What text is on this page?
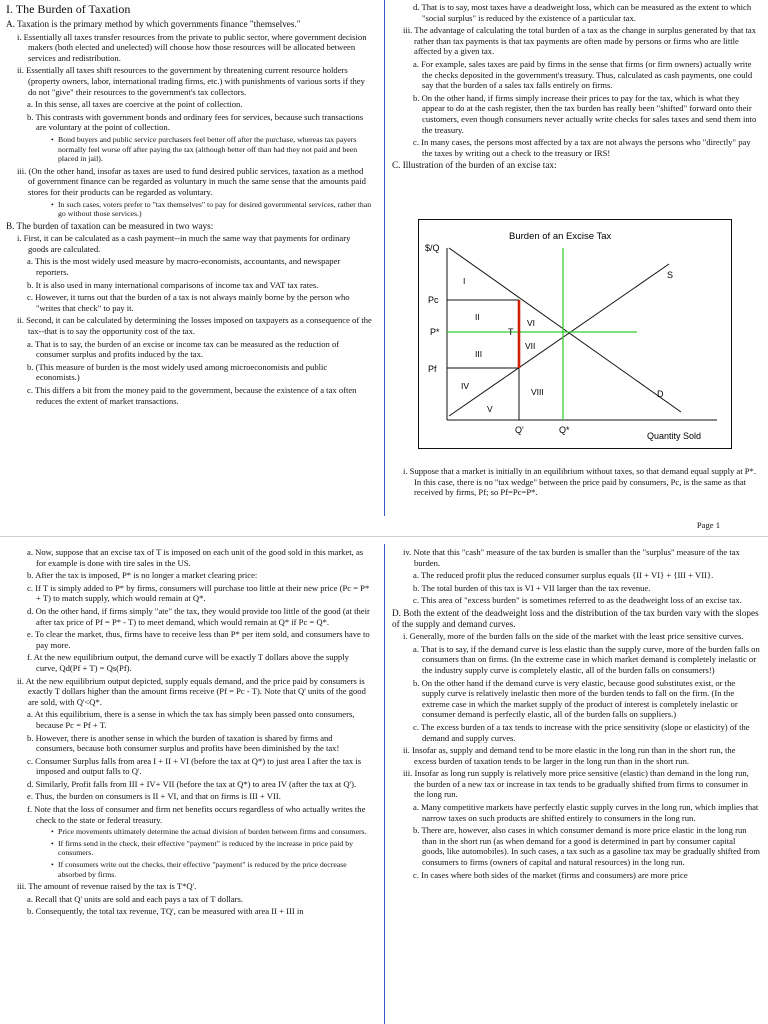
I. The Burden of Taxation

A. Taxation is the primary method by which governments finance "themselves."

i. Essentially all taxes transfer resources from the private to public sector, where government decision makers (both elected and unelected) will choose how those resources will be allocated between services and redistribution.

ii. Essentially all taxes shift resources to the government by threatening current resource holders (property owners, labor, international trading firms, etc.) with punishments of various sorts if they do not "give" their resources to the government's tax collectors.

a. In this sense, all taxes are coercive at the point of collection.

b. This contrasts with government bonds and ordinary fees for services, because such transactions are voluntary at the point of collection.

• Bond buyers and public service purchasers feel better off after the purchase, whereas tax payers normally feel worse off after paying the tax (although better off than had they not paid and been placed in jail).

iii. (On the other hand, insofar as taxes are used to fund desired public services, taxation as a method of government finance can be regarded as voluntary in much the same sense that the amounts paid stores for their products can be regarded as voluntary.

• In such cases, voters prefer to "tax themselves" to pay for desired governmental services, rather than go without those services.)

B. The burden of taxation can be measured in two ways:

i. First, it can be calculated as a cash payment--in much the same way that payments for ordinary goods are calculated.

a. This is the most widely used measure by macro-economists, accountants, and newspaper reporters.

b. It is also used in many international comparisons of income tax and VAT tax rates.

c. However, it turns out that the burden of a tax is not always mainly borne by the person who "writes that check" to pay it.

ii. Second, it can be calculated by determining the losses imposed on taxpayers as a consequence of the tax--that is to say the opportunity cost of the tax.

a. That is to say, the burden of an excise or income tax can be measured as the reduction of consumer surplus and profits induced by the tax.

b. (This measure of burden is the most widely used among microeconomists and public economists.)

c. This differs a bit from the money paid to the government, because the existence of a tax often reduces the extent of market transactions.

d. That is to say, most taxes have a deadweight loss, which can be measured as the extent to which "social surplus" is reduced by the existence of a particular tax.

iii. The advantage of calculating the total burden of a tax as the change in surplus generated by that tax rather than tax payments is that tax payments are often made by persons or firms who are little affected by a given tax.

a. For example, sales taxes are paid by firms in the sense that firms (or firm owners) actually write the checks deposited in the government's treasury. Thus, calculated as cash payments, one could say that the burden of a sales tax falls entirely on firms.

b. On the other hand, if firms simply increase their prices to pay for the tax, which is what they appear to do at the cash register, then the tax burden has really been "shifted" forward onto their customers, even though consumers never actually write checks for sales taxes and send them into the treasury.

c. In many cases, the persons most affected by a tax are not always the persons who "directly" pay the taxes by writing out a check to the treasury or IRS!

C. Illustration of the burden of an excise tax:

Burden of an Excise Tax
$/Q
Quantity Sold
Pc
P*
Pf
Q'	Q*
S
D
T
I
II
III
IV
V
VI
VII
VIII

i. Suppose that a market is initially in an equilibrium without taxes, so that demand equal supply at P*. In this case, there is no "tax wedge" between the price paid by consumers, Pc, is the same as that received by firms, Pf; so Pf=Pc=P*.

Page 1

a. Now, suppose that an excise tax of T is imposed on each unit of the good sold in this market, as for example is done with tire sales in the US.

b. After the tax is imposed, P* is no longer a market clearing price:

c. If T is simply added to P* by firms, consumers will purchase too little at their new price (Pc = P* + T) to match supply, which would remain at Q*.

d. On the other hand, if firms simply "ate" the tax, they would provide too little of the good (at their after tax price of Pf = P* - T) to meet demand, which would remain at Q* if Pc = Q*.

e. To clear the market, thus, firms have to receive less than P* per item sold, and consumers have to pay more.

f. At the new equilibrium output, the demand curve will be exactly T dollars above the supply curve, Qd(Pf + T) = Qs(Pf).

ii. At the new equilibrium output depicted, supply equals demand, and the price paid by consumers is exactly T dollars higher than the amount firms receive (Pf = Pc - T). Note that Q' units of the good are sold, with Q'<Q*.

a. At this equilibrium, there is a sense in which the tax has simply been passed onto consumers, because Pc = Pf + T.

b. However, there is another sense in which the burden of taxation is shared by firms and consumers, because both consumer surplus and profits have been diminished by the tax!

c. Consumer Surplus falls from area I + II + VI (before the tax at Q*) to just area I after the tax is imposed and output falls to Q'.

d. Similarly, Profit falls from III + IV+ VII (before the tax at Q*) to area IV (after the tax at Q').

e. Thus, the burden on consumers is II + VI, and that on firms is III + VII.

f. Note that the loss of consumer and firm net benefits occurs regardless of who actually writes the check to the state or federal treasury.

• Price movements ultimately determine the actual division of burden between firms and consumers.

• If firms send in the check, their effective "payment" is reduced by the increase in price paid by consumers.

• If consumers write out the checks, their effective "payment" is reduced by the price decrease absorbed by firms.

iii. The amount of revenue raised by the tax is T*Q'.

a. Recall that Q' units are sold and each pays a tax of T dollars.

b. Consequently, the total tax revenue, TQ', can be measured with area II + III in

iv. Note that this "cash" measure of the tax burden is smaller than the "surplus" measure of the tax burden.

a. The reduced profit plus the reduced consumer surplus equals {II + VI} + {III + VII}.

b. The total burden of this tax is VI + VII larger than the tax revenue.

c. This area of "excess burden" is sometimes referred to as the deadweight loss of an excise tax.

D. Both the extent of the deadweight loss and the distribution of the tax burden vary with the slopes of the supply and demand curves.

i. Generally, more of the burden falls on the side of the market with the least price sensitive curves.

a. That is to say, if the demand curve is less elastic than the supply curve, more of the burden falls on consumers than on firms. (In the extreme case in which market demand is completely inelastic or the industry supply curve is completely elastic, all of the burden falls on consumers!)

b. On the other hand if the demand curve is very elastic, because good substitutes exist, or the supply curve is relatively inelastic then more of the burden tends to fall on the firm. (In the extreme case in which the market supply of the product of interest is completely inelastic or consumer demand is perfectly elastic, all of the burden falls on suppliers.)

c. The excess burden of a tax tends to increase with the price sensitivity (slope or elasticity) of the demand and supply curves.

ii. Insofar as, supply and demand tend to be more elastic in the long run than in the short run, the excess burden of taxation tends to be larger in the long run than in the short run.

iii. Insofar as long run supply is relatively more price sensitive (elastic) than demand in the long run, the burden of a new tax or increase in tax tends to be gradually shifted from firms to consumer in the long run.

a. Many competitive markets have perfectly elastic supply curves in the long run, which implies that narrow taxes on such products are shifted entirely to consumers in the long run.

b. There are, however, also cases in which consumer demand is more price elastic in the long run than in the short run (as when demand for a good is determined in part by consumer capital goods, like automobiles). In such cases, a tax such as a gasoline tax may be gradually shifted from consumers to firms (owners of capital and natural resources) in the long run.

c. In cases where both sides of the market (firms and consumers) are more price
